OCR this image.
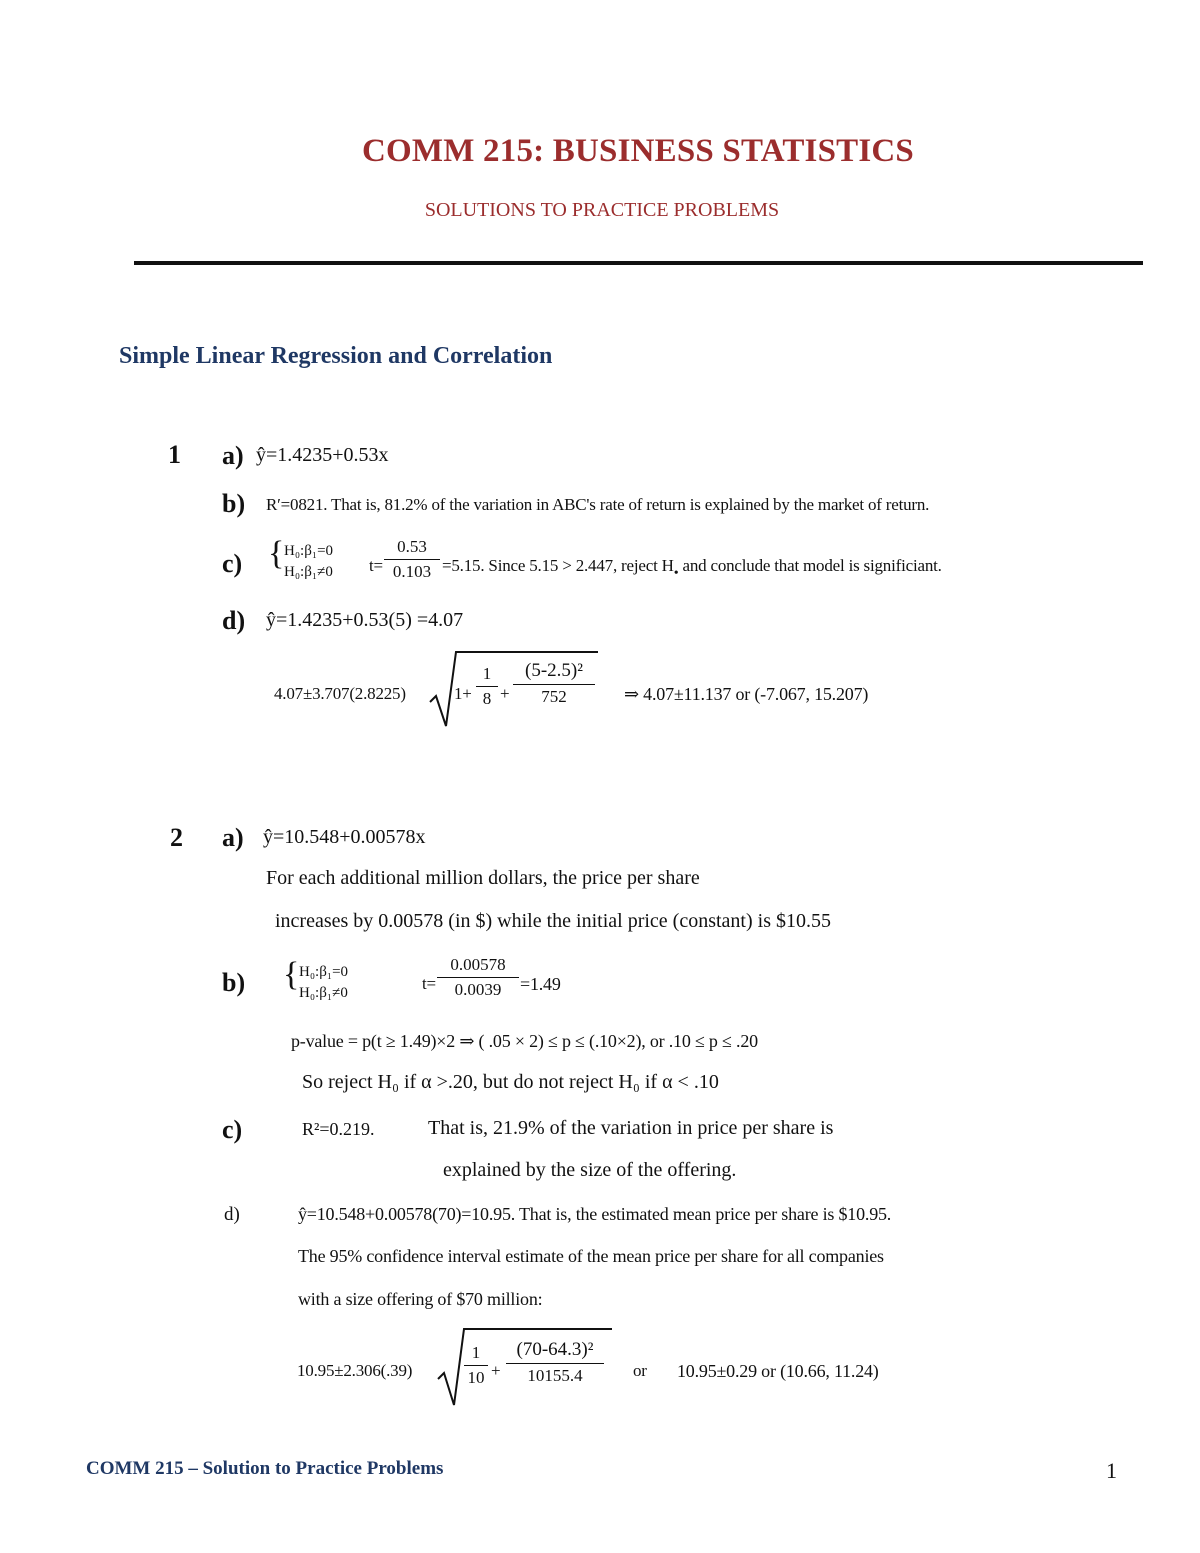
COMM 215: BUSINESS STATISTICS
SOLUTIONS TO PRACTICE PROBLEMS
Simple Linear Regression and Correlation
1 a) ŷ=1.4235+0.53x
b) R′=0821. That is, 81.2% of the variation in ABC's rate of return is explained by the market of return.
c) { H₀:β₁=0
H₀:β₁≠0 t=
0.53
0.103 =5.15. Since 5.15 > 2.447, reject $H_•$ and conclude that model is significiant.
d) ŷ=1.4235+0.53(5) =4.07
4.07±3.707(2.8225)	1+
1
8 +
(5-2.5)²
752	⇒ 4.07±11.137 or (-7.067, 15.207)
2 a) ŷ=10.548+0.00578x
For each additional million dollars, the price per share
increases by 0.00578 (in $) while the initial price (constant) is $10.55
b) { H₀:β₁=0
H₀:β₁≠0	t=
0.00578
0.0039	=1.49
p-value = p(t ≥ 1.49)×2 ⇒ ( .05 × 2) ≤ p ≤ (.10×2), or .10 ≤ p ≤ .20
So reject H₀ if α >.20, but do not reject H₀ if α < .10
c)	R²=0.219.	That is, 21.9% of the variation in price per share is
explained by the size of the offering.
d)	ŷ=10.548+0.00578(70)=10.95. That is, the estimated mean price per share is $10.95.
The 95% confidence interval estimate of the mean price per share for all companies
with a size offering of $70 million:
10.95±2.306(.39)
1
10 +
(70-64.3)²
10155.4	or 10.95±0.29 or (10.66, 11.24)
COMM 215 – Solution to Practice Problems	1
